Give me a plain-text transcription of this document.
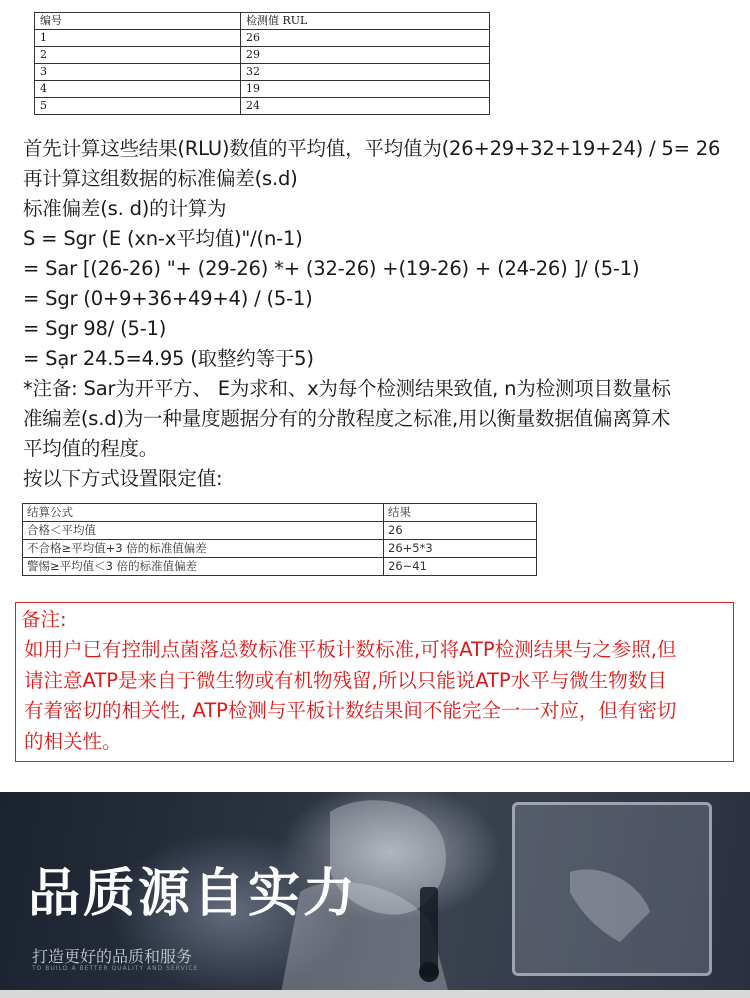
编号	检测值 RUL
1	26
2	29
3	32
4	19
5	24

首先计算这些结果(RLU)数值的平均值，平均值为(26+29+32+19+24) / 5= 26

再计算这组数据的标准偏差(s.d)

标准偏差(s. d)的计算为

S = Sgr (E (xn-x平均值)"/(n-1)

= Sar [(26-26) "+ (29-26) *+ (32-26) +(19-26) + (24-26) ]/ (5-1)

= Sgr (0+9+36+49+4) / (5-1)

= Sgr 98/ (5-1)

= Sạr 24.5=4.95 (取整约等于5)

*注备: Sar为开平方、 E为求和、x为每个检测结果致值, n为检测项目数量标

准编差(s.d)为一种量度题据分有的分散程度之标准,用以衡量数据值偏离算术

平均值的程度。

按以下方式设置限定值:

结算公式	结果
合格＜平均值	26
不合格≥平均值+3 倍的标准值偏差	26+5*3
警惕≥平均值＜3 倍的标准值偏差	26~41
备注:

如用户已有控制点菌落总数标准平板计数标准,可将ATP检测结果与之参照,但

请注意ATP是来自于微生物或有机物残留,所以只能说ATP水平与微生物数目

有着密切的相关性, ATP检测与平板计数结果间不能完全一一对应，但有密切

的相关性。

品质源自实力
打造更好的品质和服务
TO BUILD A BETTER QUALITY AND SERVICE
